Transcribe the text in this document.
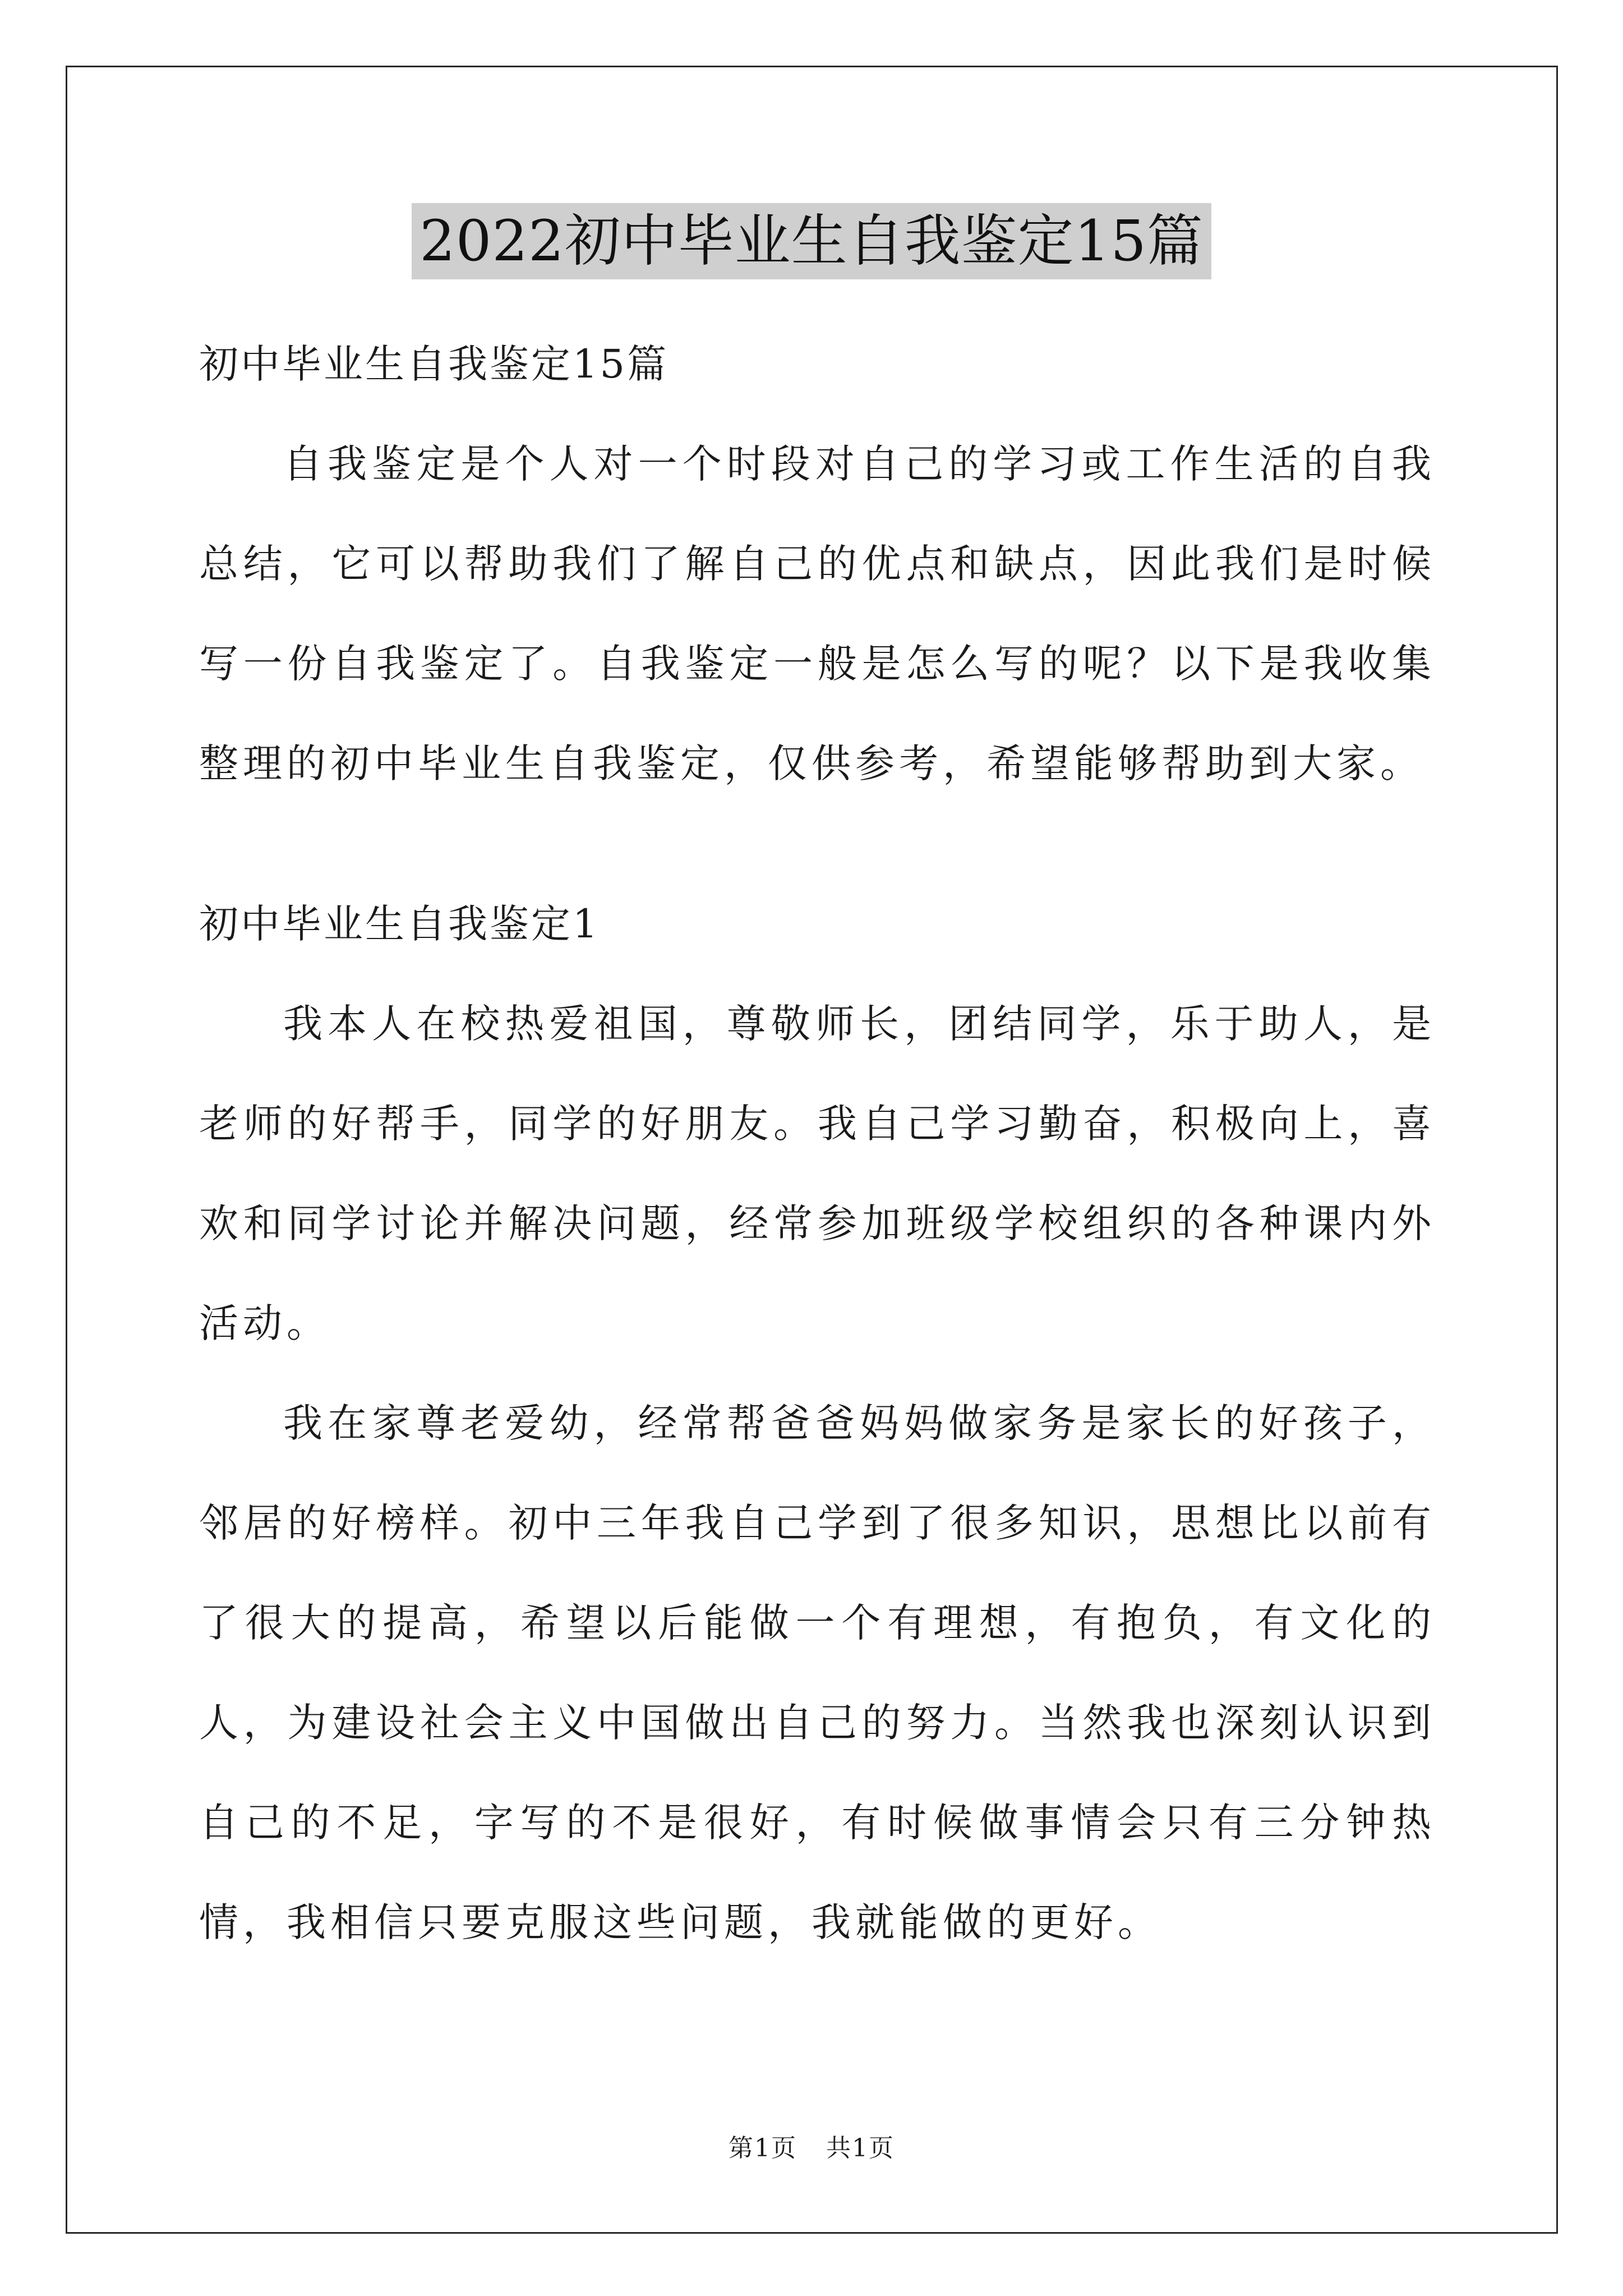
2022初中毕业生自我鉴定15篇

初中毕业生自我鉴定15篇

自我鉴定是个人对一个时段对自己的学习或工作生活的自我总结，它可以帮助我们了解自己的优点和缺点，因此我们是时候写一份自我鉴定了。自我鉴定一般是怎么写的呢？以下是我收集整理的初中毕业生自我鉴定，仅供参考，希望能够帮助到大家。

初中毕业生自我鉴定1

我本人在校热爱祖国，尊敬师长，团结同学，乐于助人，是老师的好帮手，同学的好朋友。我自己学习勤奋，积极向上，喜欢和同学讨论并解决问题，经常参加班级学校组织的各种课内外活动。

我在家尊老爱幼，经常帮爸爸妈妈做家务是家长的好孩子，邻居的好榜样。初中三年我自己学到了很多知识，思想比以前有了很大的提高，希望以后能做一个有理想，有抱负，有文化的人，为建设社会主义中国做出自己的努力。当然我也深刻认识到自己的不足，字写的不是很好，有时候做事情会只有三分钟热情，我相信只要克服这些问题，我就能做的更好。

第1页 共1页
